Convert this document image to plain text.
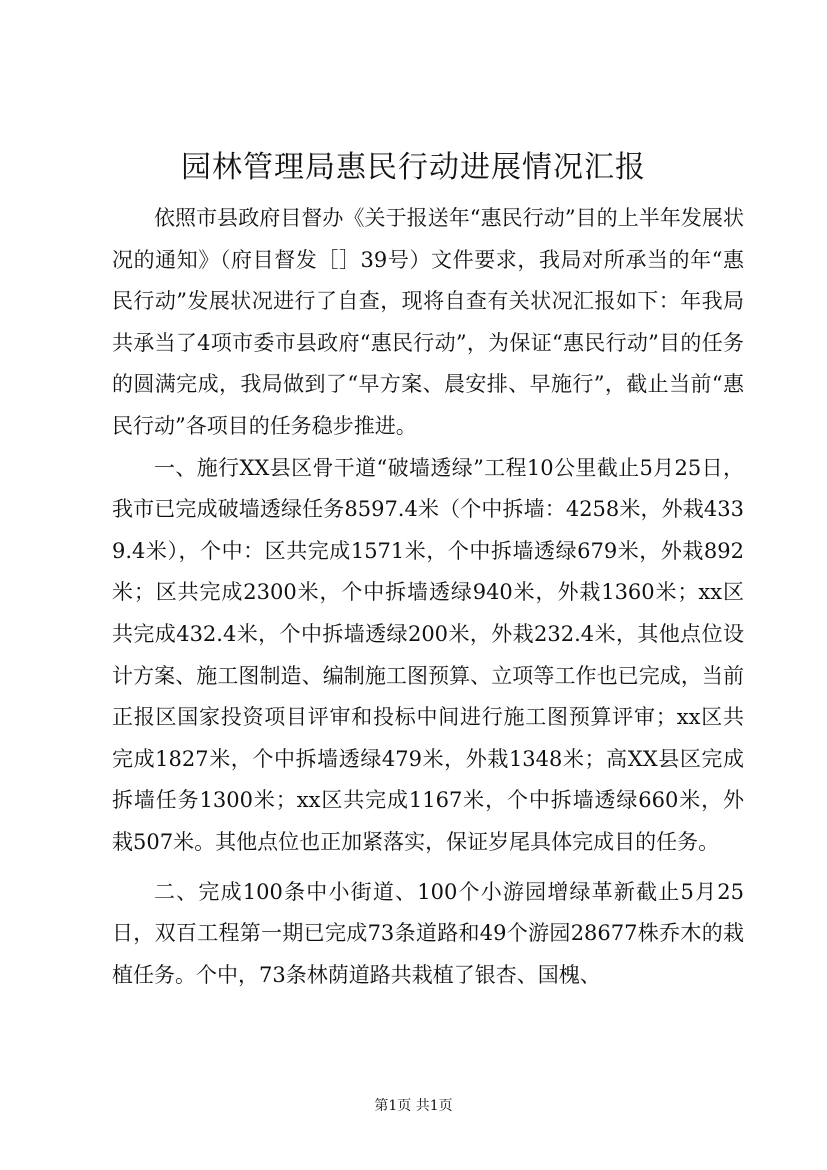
园林管理局惠民行动进展情况汇报

依照市县政府目督办《关于报送年“惠民行动”目的上半年发展状况的通知》（府目督发［］39号）文件要求，我局对所承当的年“惠民行动”发展状况进行了自查，现将自查有关状况汇报如下：年我局共承当了4项市委市县政府“惠民行动”，为保证“惠民行动”目的任务的圆满完成，我局做到了“早方案、晨安排、早施行”，截止当前“惠民行动”各项目的任务稳步推进。

一、施行XX县区骨干道“破墙透绿”工程10公里截止5月25日，我市已完成破墙透绿任务8597.4米（个中拆墙：4258米，外栽4339.4米），个中：区共完成1571米，个中拆墙透绿679米，外栽892米；区共完成2300米，个中拆墙透绿940米，外栽1360米；xx区共完成432.4米，个中拆墙透绿200米，外栽232.4米，其他点位设计方案、施工图制造、编制施工图预算、立项等工作也已完成，当前正报区国家投资项目评审和投标中间进行施工图预算评审；xx区共完成1827米，个中拆墙透绿479米，外栽1348米；高XX县区完成拆墙任务1300米；xx区共完成1167米，个中拆墙透绿660米，外栽507米。其他点位也正加紧落实，保证岁尾具体完成目的任务。

二、完成100条中小街道、100个小游园增绿革新截止5月25日，双百工程第一期已完成73条道路和49个游园28677株乔木的栽植任务。个中，73条林荫道路共栽植了银杏、国槐、

第1页 共1页
